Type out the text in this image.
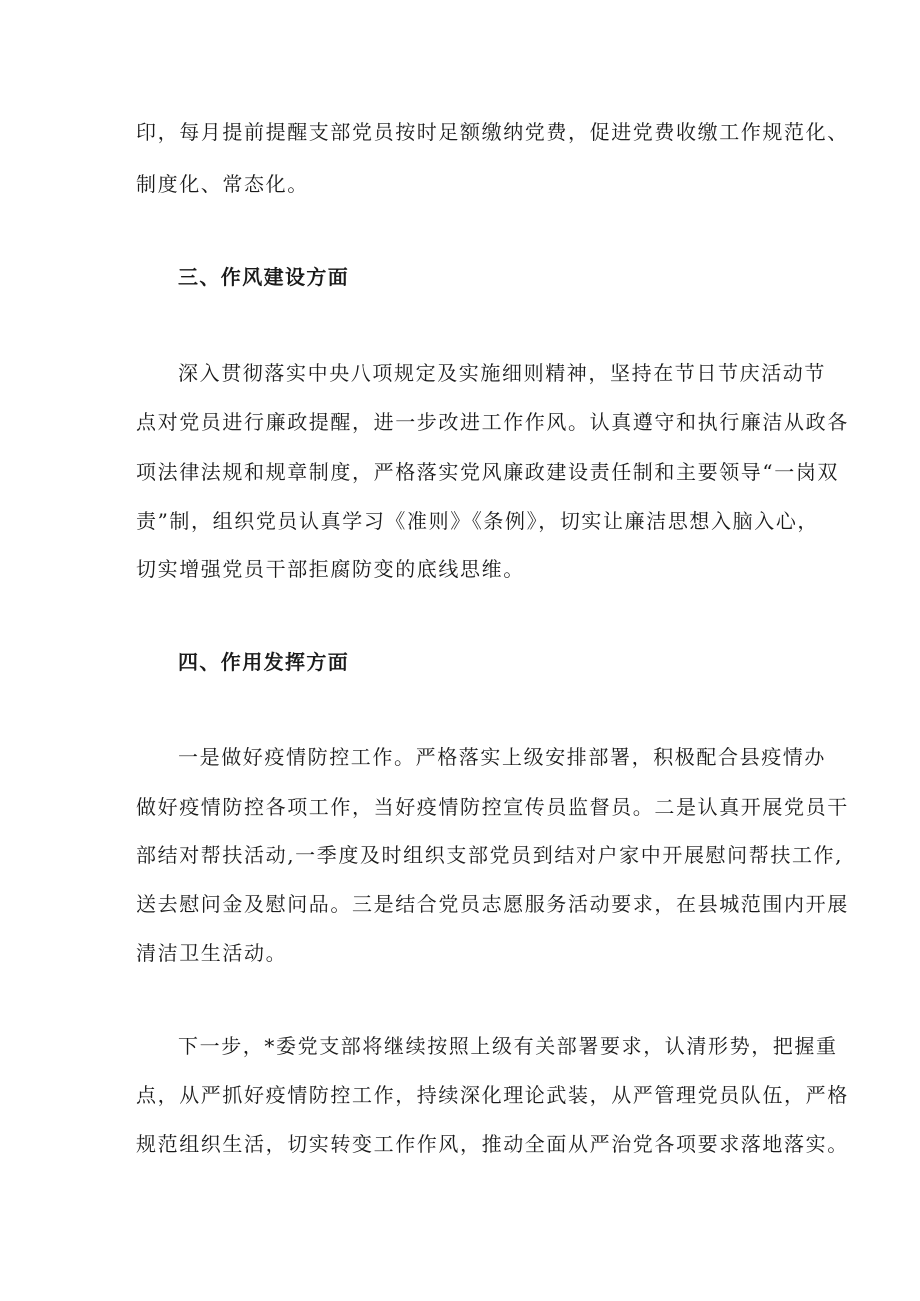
印，每月提前提醒支部党员按时足额缴纳党费，促进党费收缴工作规范化、
制度化、常态化。
三、作风建设方面
深入贯彻落实中央八项规定及实施细则精神，坚持在节日节庆活动节
点对党员进行廉政提醒，进一步改进工作作风。认真遵守和执行廉洁从政各
项法律法规和规章制度，严格落实党风廉政建设责任制和主要领导“一岗双
责”制，组织党员认真学习《准则》《条例》，切实让廉洁思想入脑入心，
切实增强党员干部拒腐防变的底线思维。
四、作用发挥方面
一是做好疫情防控工作。严格落实上级安排部署，积极配合县疫情办
做好疫情防控各项工作，当好疫情防控宣传员监督员。二是认真开展党员干
部结对帮扶活动,一季度及时组织支部党员到结对户家中开展慰问帮扶工作,
送去慰问金及慰问品。三是结合党员志愿服务活动要求，在县城范围内开展
清洁卫生活动。
下一步，*委党支部将继续按照上级有关部署要求，认清形势，把握重
点，从严抓好疫情防控工作，持续深化理论武装，从严管理党员队伍，严格
规范组织生活，切实转变工作作风，推动全面从严治党各项要求落地落实。
